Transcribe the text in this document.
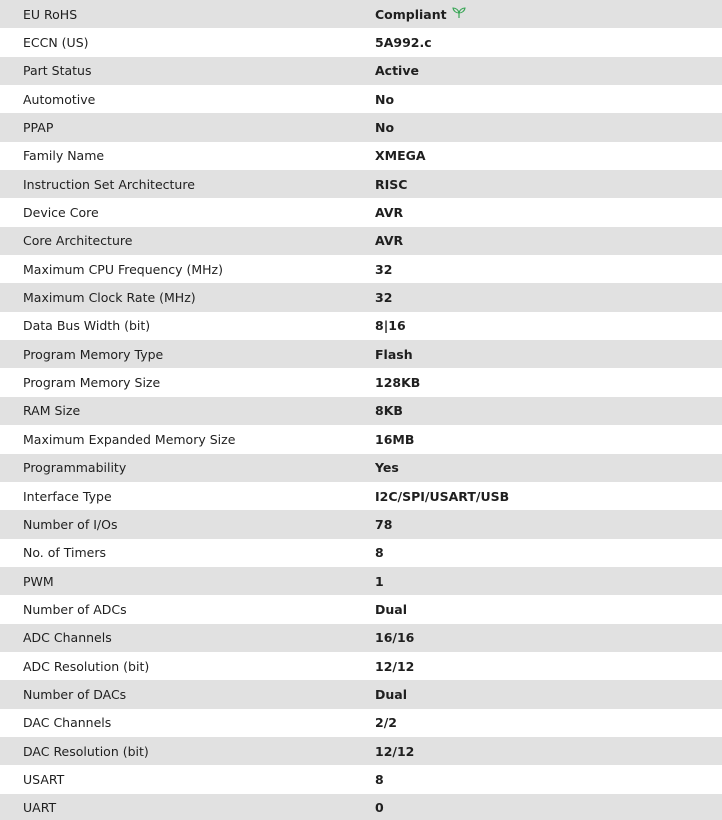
EU RoHS	Compliant
ECCN (US)	5A992.c
Part Status	Active
Automotive	No
PPAP	No
Family Name	XMEGA
Instruction Set Architecture	RISC
Device Core	AVR
Core Architecture	AVR
Maximum CPU Frequency (MHz)	32
Maximum Clock Rate (MHz)	32
Data Bus Width (bit)	8|16
Program Memory Type	Flash
Program Memory Size	128KB
RAM Size	8KB
Maximum Expanded Memory Size	16MB
Programmability	Yes
Interface Type	I2C/SPI/USART/USB
Number of I/Os	78
No. of Timers	8
PWM	1
Number of ADCs	Dual
ADC Channels	16/16
ADC Resolution (bit)	12/12
Number of DACs	Dual
DAC Channels	2/2
DAC Resolution (bit)	12/12
USART	8
UART	0
